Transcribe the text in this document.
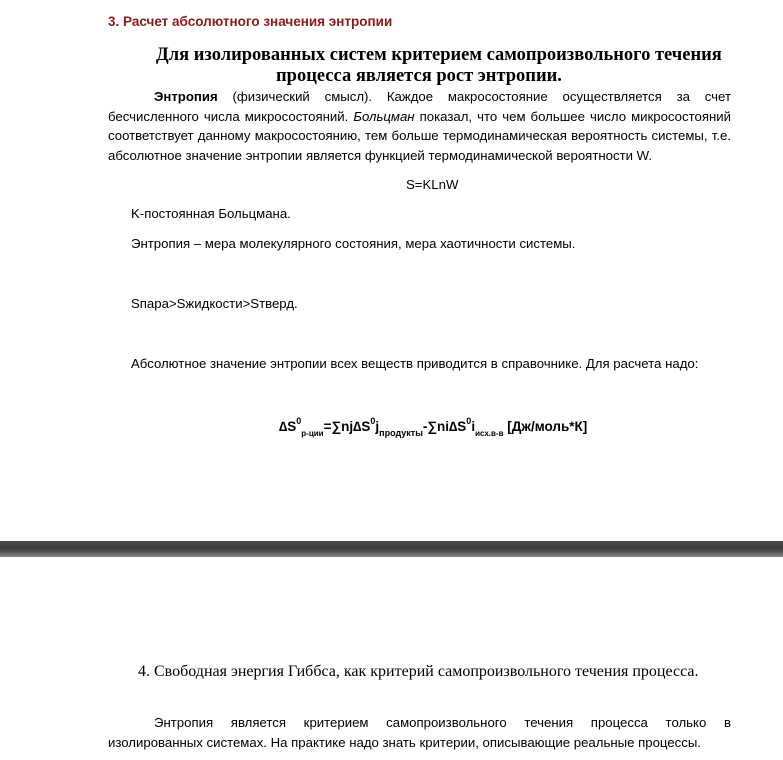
3. Расчет абсолютного значения энтропии
Для изолированных систем критерием самопроизвольного течения
процесса является рост энтропии.
Энтропия (физический смысл). Каждое макросостояние осуществляется за счет бесчисленного числа микросостояний. Больцман показал, что чем большее число микросостояний соответствует данному макросостоянию, тем больше термодинамическая вероятность системы, т.е. абсолютное значение энтропии является функцией термодинамической вероятности W.
S=KLnW
K-постоянная Больцмана.
Энтропия – мера молекулярного состояния, мера хаотичности системы.
Sпара>Sжидкости>Sтверд.
Абсолютное значение энтропии всех веществ приводится в справочнике. Для расчета надо:
$\Delta S^0_{р-ции}=\sum nj\Delta S^0j_{продукты}-\sum ni\Delta S^0i_{исх.в-в}$ [Дж/моль*К]
4. Свободная энергия Гиббса, как критерий самопроизвольного течения процесса.
Энтропия является критерием самопроизвольного течения процесса только в изолированных системах. На практике надо знать критерии, описывающие реальные процессы.
